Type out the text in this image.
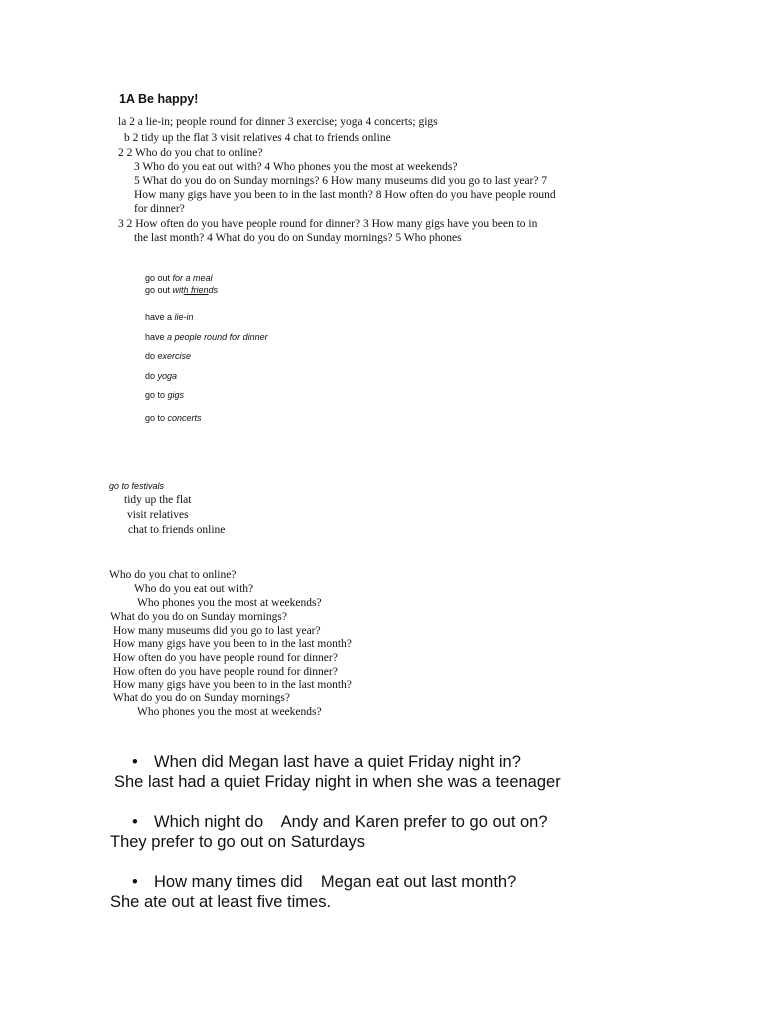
1A Be happy!
la 2 a lie-in; people round for dinner 3 exercise; yoga 4 concerts; gigs
b 2 tidy up the flat 3 visit relatives 4 chat to friends online
2 2 Who do you chat to online?
3 Who do you eat out with? 4 Who phones you the most at weekends?
5 What do you do on Sunday mornings? 6 How many museums did you go to last year? 7
How many gigs have you been to in the last month? 8 How often do you have people round
for dinner?
3 2 How often do you have people round for dinner? 3 How many gigs have you been to in
the last month? 4 What do you do on Sunday mornings? 5 Who phones
go out for a meal
go out with friends
have a lie-in
have a people round for dinner
do exercise
do yoga
go to gigs
go to concerts
go to festivals
tidy up the flat
visit relatives
chat to friends online
Who do you chat to online?
Who do you eat out with?
Who phones you the most at weekends?
What do you do on Sunday mornings?
How many museums did you go to last year?
How many gigs have you been to in the last month?
How often do you have people round for dinner?
How often do you have people round for dinner?
How many gigs have you been to in the last month?
What do you do on Sunday mornings?
Who phones you the most at weekends?
• When did Megan last have a quiet Friday night in?
She last had a quiet Friday night in when she was a teenager
• Which night do    Andy and Karen prefer to go out on?
They prefer to go out on Saturdays
• How many times did    Megan eat out last month?
She ate out at least five times.
